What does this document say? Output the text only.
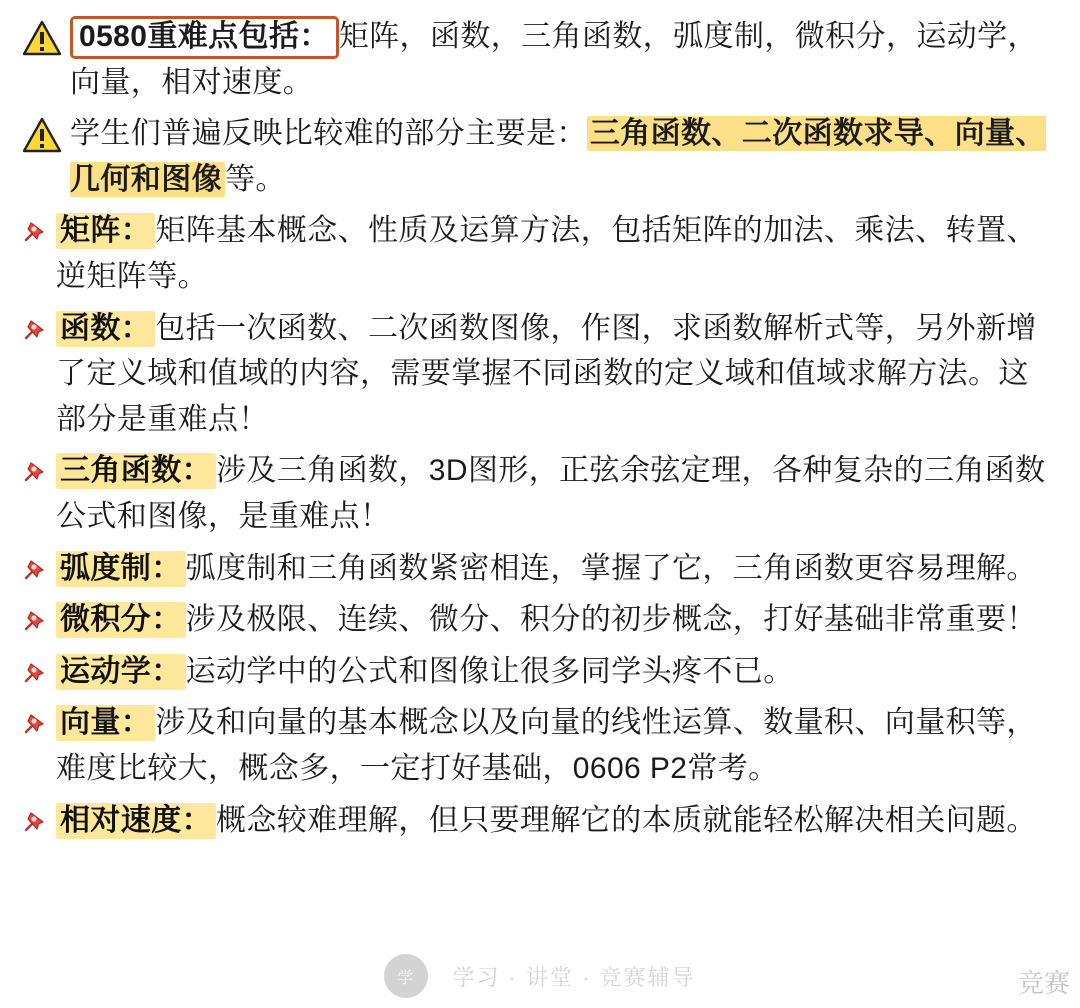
0580重难点包括： 矩阵，函数，三角函数，弧度制，微积分，运动学，向量，相对速度。
学生们普遍反映比较难的部分主要是： 三角函数、二次函数求导、向量、几何和图像 等。
矩阵： 矩阵基本概念、性质及运算方法，包括矩阵的加法、乘法、转置、逆矩阵等。
函数： 包括一次函数、二次函数图像，作图，求函数解析式等，另外新增了定义域和值域的内容，需要掌握不同函数的定义域和值域求解方法。这部分是重难点！
三角函数： 涉及三角函数，3D图形，正弦余弦定理，各种复杂的三角函数公式和图像，是重难点！
弧度制： 弧度制和三角函数紧密相连，掌握了它，三角函数更容易理解。
微积分： 涉及极限、连续、微分、积分的初步概念，打好基础非常重要！
运动学： 运动学中的公式和图像让很多同学头疼不已。
向量： 涉及和向量的基本概念以及向量的线性运算、数量积、向量积等，难度比较大，概念多，一定打好基础，0606 P2常考。
相对速度： 概念较难理解，但只要理解它的本质就能轻松解决相关问题。
学	学习 · 讲堂 · 竞赛辅导	竞赛
